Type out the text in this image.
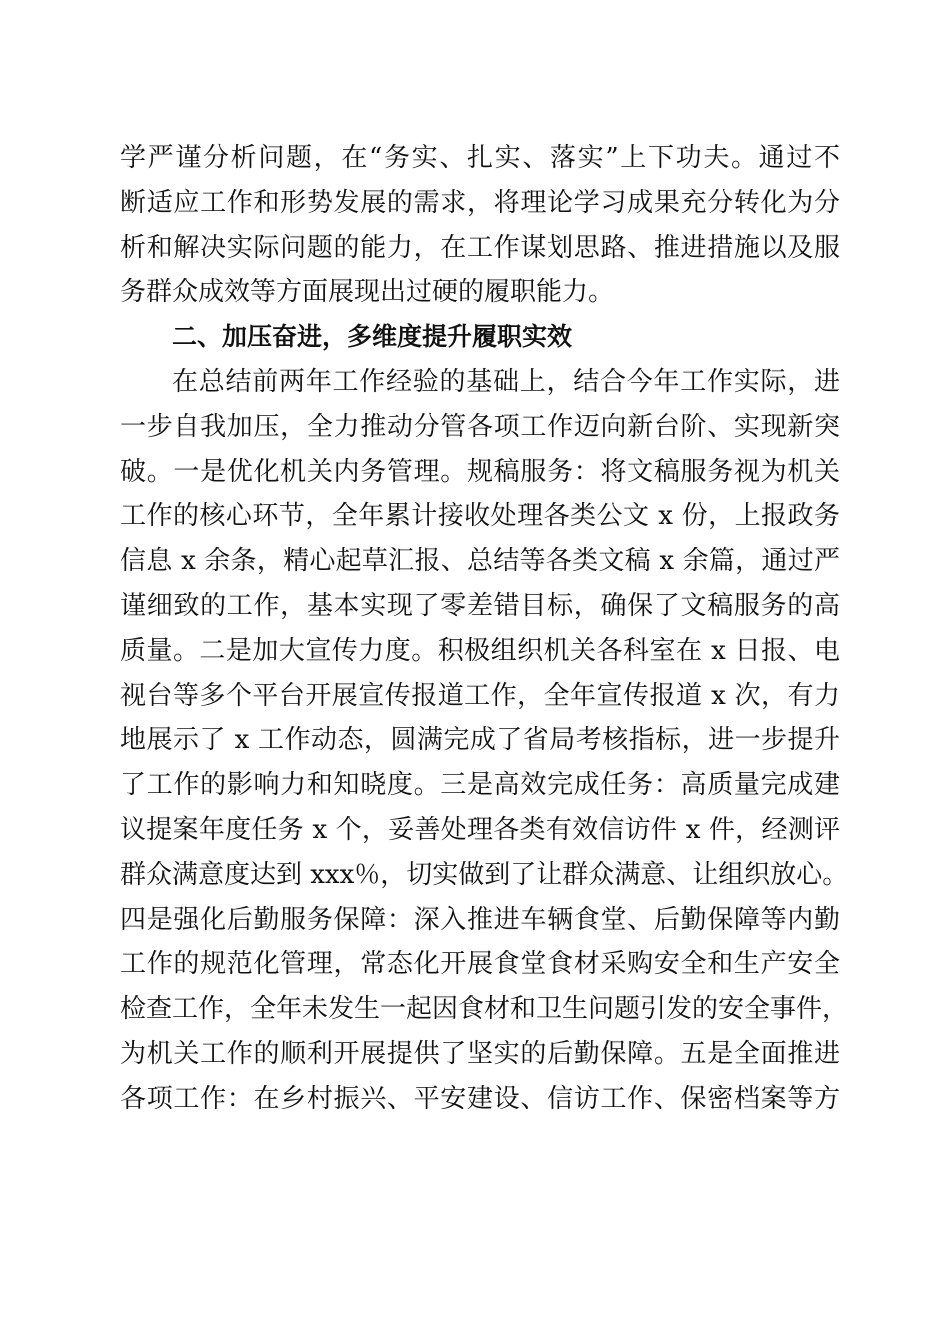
学严谨分析问题，在“务实、扎实、落实”上下功夫。通过不
断适应工作和形势发展的需求，将理论学习成果充分转化为分
析和解决实际问题的能力，在工作谋划思路、推进措施以及服
务群众成效等方面展现出过硬的履职能力。
二、加压奋进，多维度提升履职实效
在总结前两年工作经验的基础上，结合今年工作实际，进
一步自我加压，全力推动分管各项工作迈向新台阶、实现新突
破。一是优化机关内务管理。规稿服务：将文稿服务视为机关
工作的核心环节，全年累计接收处理各类公文 x 份，上报政务
信息 x 余条，精心起草汇报、总结等各类文稿 x 余篇，通过严
谨细致的工作，基本实现了零差错目标，确保了文稿服务的高
质量。二是加大宣传力度。积极组织机关各科室在 x 日报、电
视台等多个平台开展宣传报道工作，全年宣传报道 x 次，有力
地展示了 x 工作动态，圆满完成了省局考核指标，进一步提升
了工作的影响力和知晓度。三是高效完成任务：高质量完成建
议提案年度任务 x 个，妥善处理各类有效信访件 x 件，经测评
群众满意度达到 xxx％，切实做到了让群众满意、让组织放心。
四是强化后勤服务保障：深入推进车辆食堂、后勤保障等内勤
工作的规范化管理，常态化开展食堂食材采购安全和生产安全
检查工作，全年未发生一起因食材和卫生问题引发的安全事件，
为机关工作的顺利开展提供了坚实的后勤保障。五是全面推进
各项工作：在乡村振兴、平安建设、信访工作、保密档案等方
